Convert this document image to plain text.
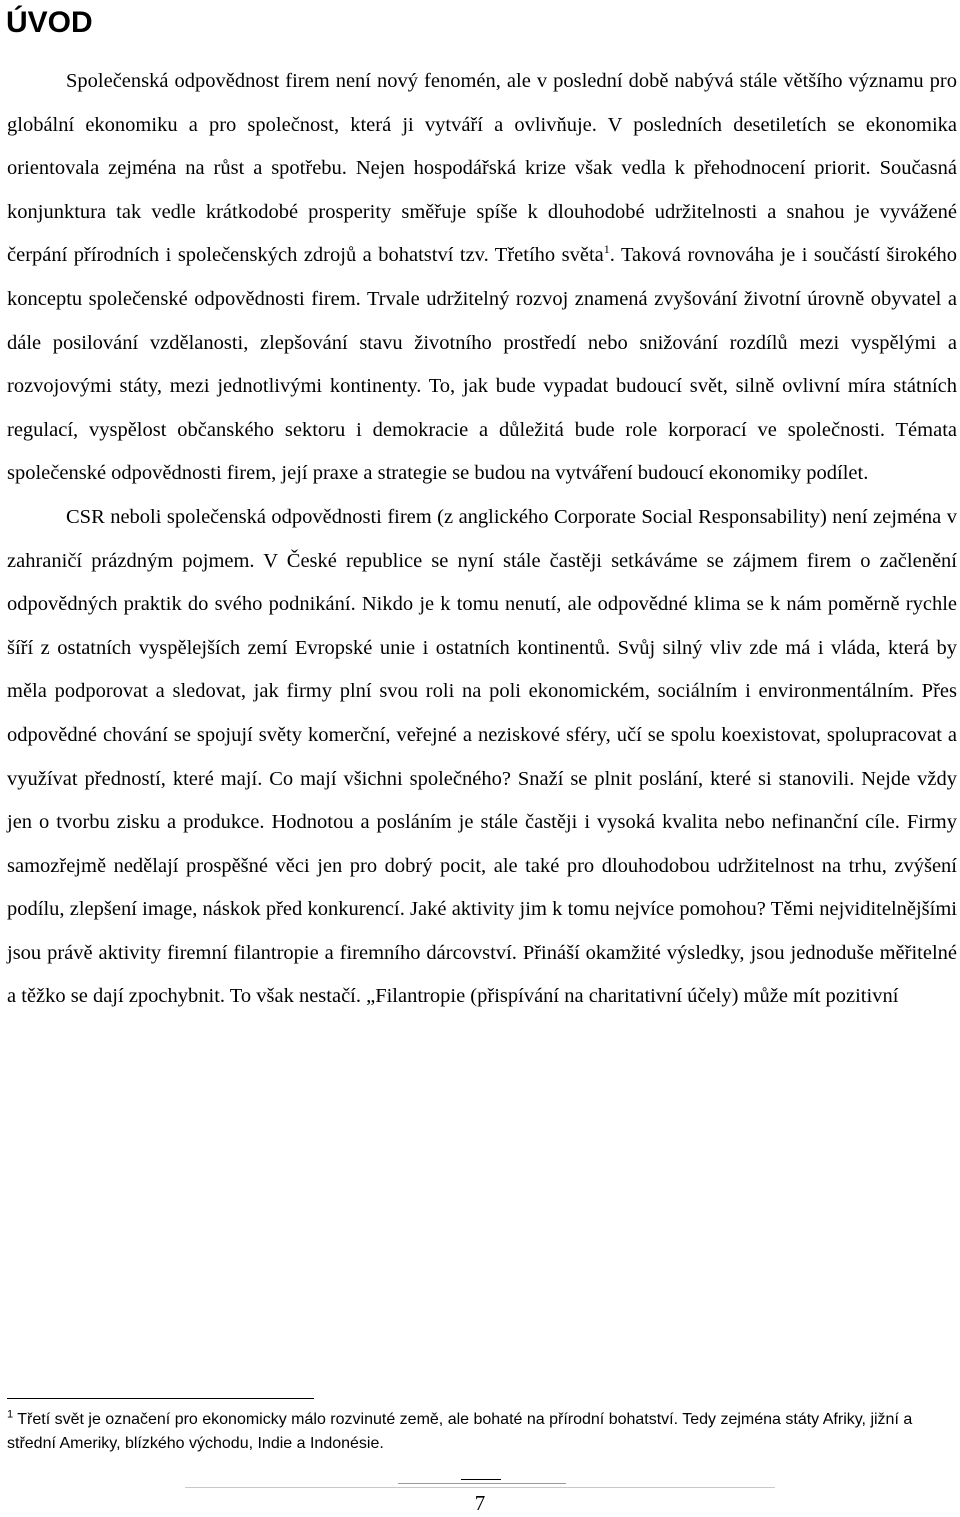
ÚVOD

Společenská odpovědnost firem není nový fenomén, ale v poslední době nabývá stále většího významu pro globální ekonomiku a pro společnost, která ji vytváří a ovlivňuje. V posledních desetiletích se ekonomika orientovala zejména na růst a spotřebu. Nejen hospodářská krize však vedla k přehodnocení priorit. Současná konjunktura tak vedle krátkodobé prosperity směřuje spíše k dlouhodobé udržitelnosti a snahou je vyvážené čerpání přírodních i společenských zdrojů a bohatství tzv. Třetího světa$^1$. Taková rovnováha je i součástí širokého konceptu společenské odpovědnosti firem. Trvale udržitelný rozvoj znamená zvyšování životní úrovně obyvatel a dále posilování vzdělanosti, zlepšování stavu životního prostředí nebo snižování rozdílů mezi vyspělými a rozvojovými státy, mezi jednotlivými kontinenty. To, jak bude vypadat budoucí svět, silně ovlivní míra státních regulací, vyspělost občanského sektoru i demokracie a důležitá bude role korporací ve společnosti. Témata společenské odpovědnosti firem, její praxe a strategie se budou na vytváření budoucí ekonomiky podílet.

CSR neboli společenská odpovědnosti firem (z anglického Corporate Social Responsability) není zejména v zahraničí prázdným pojmem. V České republice se nyní stále častěji setkáváme se zájmem firem o začlenění odpovědných praktik do svého podnikání. Nikdo je k tomu nenutí, ale odpovědné klima se k nám poměrně rychle šíří z ostatních vyspělejších zemí Evropské unie i ostatních kontinentů. Svůj silný vliv zde má i vláda, která by měla podporovat a sledovat, jak firmy plní svou roli na poli ekonomickém, sociálním i environmentálním. Přes odpovědné chování se spojují světy komerční, veřejné a neziskové sféry, učí se spolu koexistovat, spolupracovat a využívat předností, které mají. Co mají všichni společného? Snaží se plnit poslání, které si stanovili. Nejde vždy jen o tvorbu zisku a produkce. Hodnotou a posláním je stále častěji i vysoká kvalita nebo nefinanční cíle. Firmy samozřejmě nedělají prospěšné věci jen pro dobrý pocit, ale také pro dlouhodobou udržitelnost na trhu, zvýšení podílu, zlepšení image, náskok před konkurencí. Jaké aktivity jim k tomu nejvíce pomohou? Těmi nejviditelnějšími jsou právě aktivity firemní filantropie a firemního dárcovství. Přináší okamžité výsledky, jsou jednoduše měřitelné a těžko se dají zpochybnit. To však nestačí. „Filantropie (přispívání na charitativní účely) může mít pozitivní

$^1$ Třetí svět je označení pro ekonomicky málo rozvinuté země, ale bohaté na přírodní bohatství. Tedy zejména státy Afriky, jižní a střední Ameriky, blízkého východu, Indie a Indonésie.
7
